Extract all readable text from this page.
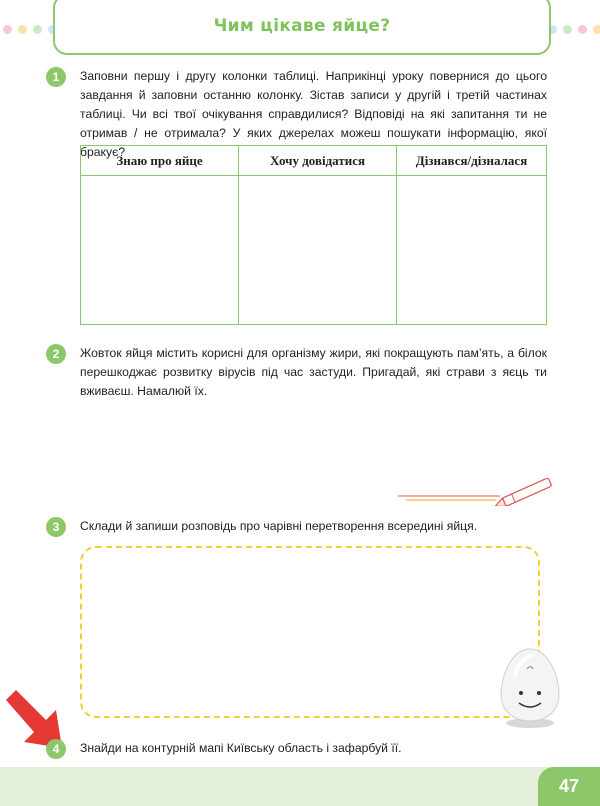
Чим цікаве яйце?
1	Заповни першу і другу колонки таблиці. Наприкінці уроку повернися до цього завдання й заповни останню колонку. Зістав записи у другій і третій частинах таблиці. Чи всі твої очікування справдилися? Відповіді на які запитання ти не отримав / не отримала? У яких джерелах можеш пошукати інформацію, якої бракує?
Знаю про яйце	Хочу довідатися	Дізнався/дізналася

2	Жовток яйця містить корисні для організму жири, які покращують пам’ять, а білок перешкоджає розвитку вірусів під час застуди. Пригадай, які страви з яєць ти вживаєш. Намалюй їх.
3	Склади й запиши розповідь про чарівні перетворення всередині яйця.
4	Знайди на контурній мапі Київську область і зафарбуй її.
47
